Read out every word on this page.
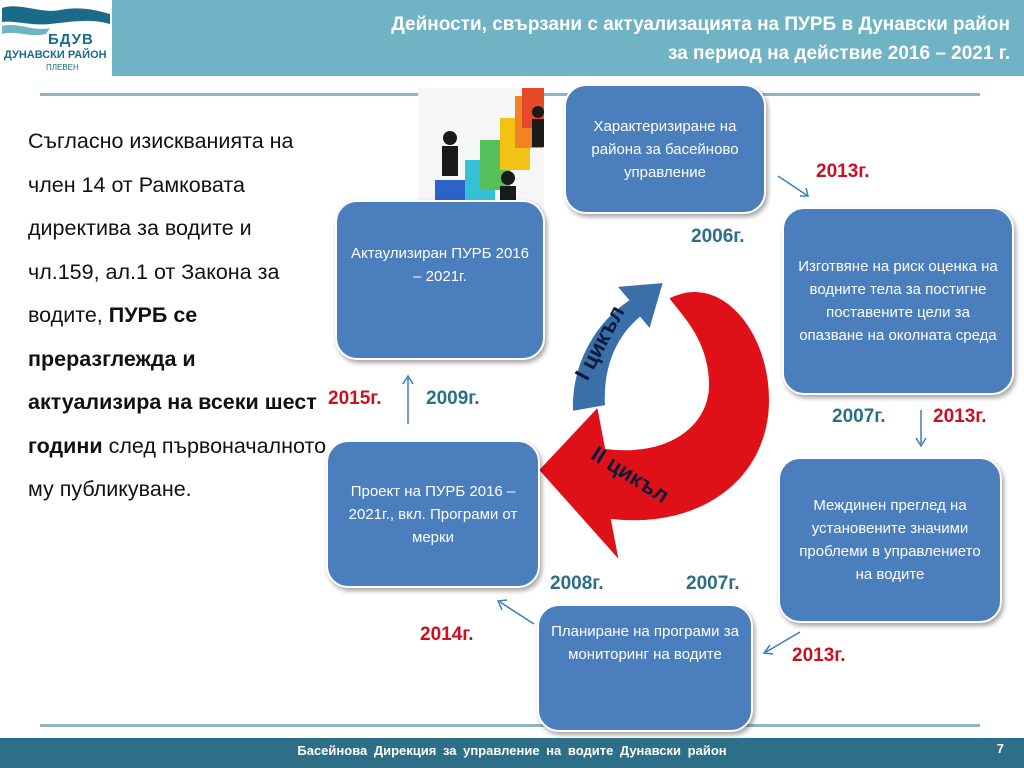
БДУВ
ДУНАВСКИ РАЙОН
ПЛЕВЕН
Дейности, свързани с актуализацията на ПУРБ в Дунавски район
за период на действие 2016 – 2021 г.
Съгласно изискванията на член 14 от Рамковата директива за водите и чл.159, ал.1 от Закона за водите, ПУРБ се преразглежда и актуализира на всеки шест години след първоначалното му публикуване.
I цикъл
II цикъл
Характеризиране на района за басейново управление
Изготвяне на риск оценка на водните тела за постигне поставените цели за опазване на околната среда
Междинен преглед на установените значими проблеми в управлението на водите
Планиране на програми за мониторинг на водите
Проект на ПУРБ 2016 – 2021г., вкл. Програми от мерки
Актаулизиран ПУРБ 2016 – 2021г.
2013г.
2006г.
2007г. 2013г.
2015г. 2009г.
2008г.	2007г.
2014г.
2013г.
Басейнова Дирекция за управление на водите Дунавски район	7
